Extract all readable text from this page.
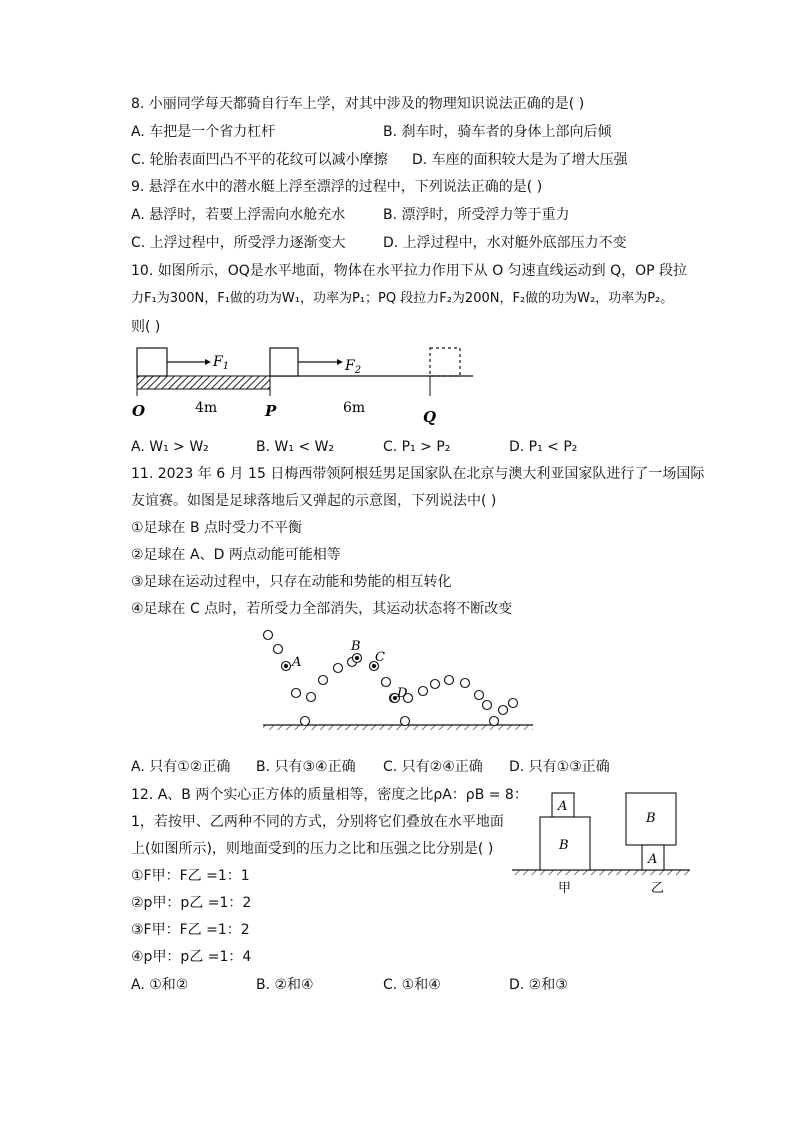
8. 小丽同学每天都骑自行车上学，对其中涉及的物理知识说法正确的是( )
A. 车把是一个省力杠杆	B. 刹车时，骑车者的身体上部向后倾
C. 轮胎表面凹凸不平的花纹可以减小摩擦 D. 车座的面积较大是为了增大压强
9. 悬浮在水中的潜水艇上浮至漂浮的过程中，下列说法正确的是( )
A. 悬浮时，若要上浮需向水舱充水	B. 漂浮时，所受浮力等于重力
C. 上浮过程中，所受浮力逐渐变大	D. 上浮过程中，水对艇外底部压力不变
10. 如图所示，OQ是水平地面，物体在水平拉力作用下从 O 匀速直线运动到 Q，OP 段拉
力F₁为300N，F₁做的功为W₁，功率为P₁；PQ 段拉力F₂为200N，F₂做的功为W₂，功率为P₂。
则( )
$F_1$	$F_2$
O	4m	P	6m	Q
A. W₁ > W₂	B. W₁ < W₂	C. P₁ > P₂	D. P₁ < P₂
11. 2023 年 6 月 15 日梅西带领阿根廷男足国家队在北京与澳大利亚国家队进行了一场国际
友谊赛。如图是足球落地后又弹起的示意图，下列说法中( )
①足球在 B 点时受力不平衡
②足球在 A、D 两点动能可能相等
③足球在运动过程中，只存在动能和势能的相互转化
④足球在 C 点时，若所受力全部消失，其运动状态将不断改变
A
B
C
D
A. 只有①②正确 B. 只有③④正确 C. 只有②④正确 D. 只有①③正确
12. A、B 两个实心正方体的质量相等，密度之比ρA：ρB = 8：
1，若按甲、乙两种不同的方式，分别将它们叠放在水平地面
上(如图所示)，则地面受到的压力之比和压强之比分别是( )
①F甲：F乙 =1：1
②p甲：p乙 =1：2
③F甲：F乙 =1：2
④p甲：p乙 =1：4
A
B
甲
B
A
乙
A. ①和②	B. ②和④	C. ①和④	D. ②和③
